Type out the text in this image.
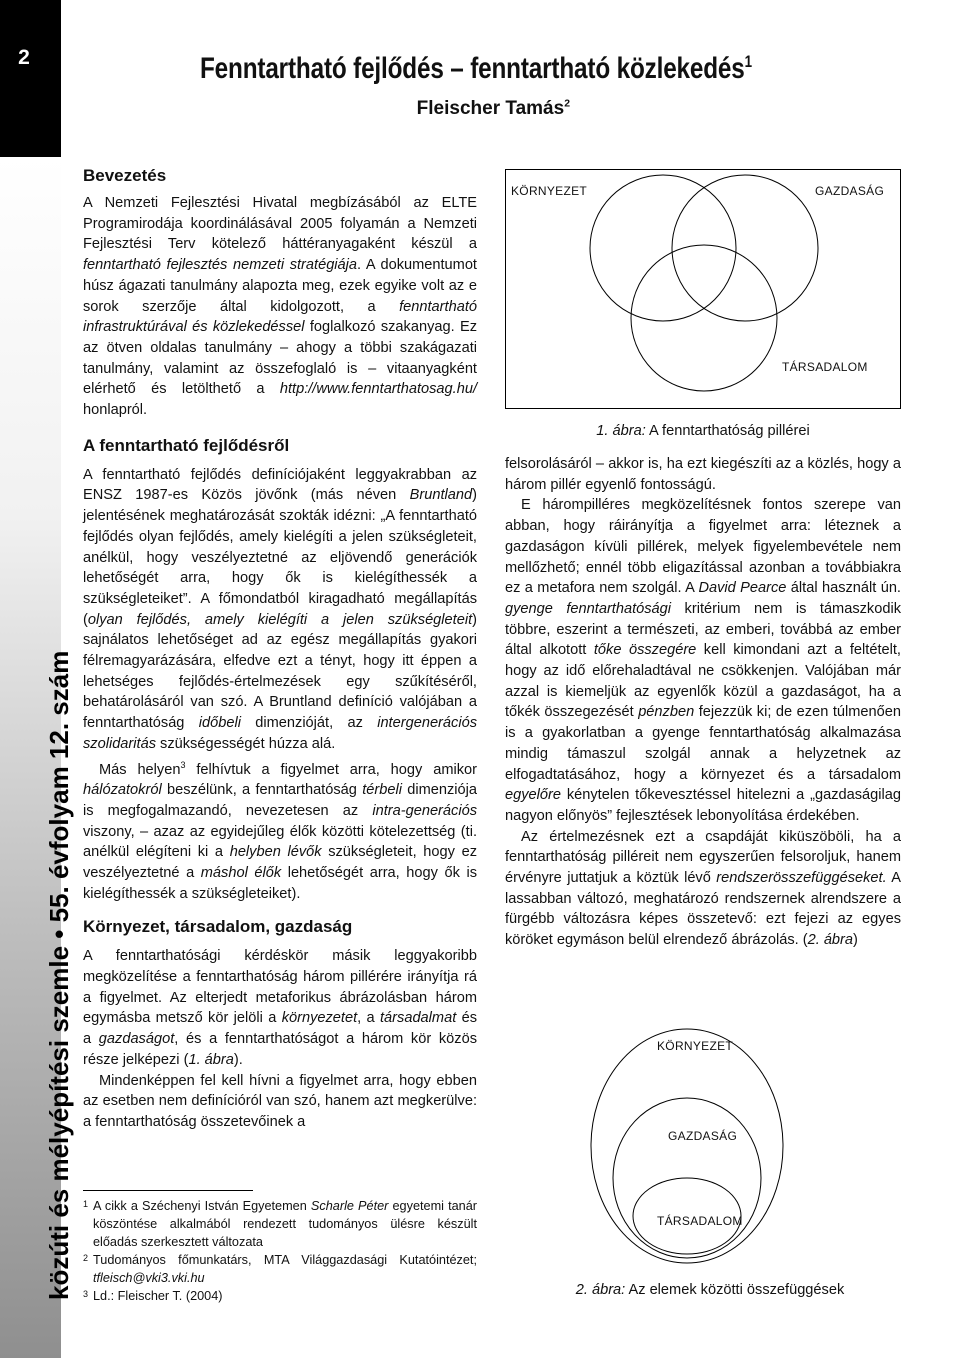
2
közúti és mélyépítési szemle • 55. évfolyam 12. szám
Fenntartható fejlődés – fenntartható közlekedés$^1$
Fleischer Tamás$^2$
Bevezetés

A Nemzeti Fejlesztési Hivatal megbízásából az ELTE Programirodája koordinálásával 2005 folyamán a Nemzeti Fejlesztési Terv kötelező háttéranyagaként készül a fenntartható fejlesztés nemzeti stratégiája. A dokumentumot húsz ágazati tanulmány alapozta meg, ezek egyike volt az e sorok szerzője által kidolgozott, a fenntartható infrastruktúrával és közlekedéssel foglalkozó szakanyag. Ez az ötven oldalas tanulmány – ahogy a többi szakágazati tanulmány, valamint az összefoglaló is – vitaanyagként elérhető és letölthető a http://www.fenntarthatosag.hu/ honlapról.

A fenntartható fejlődésről

A fenntartható fejlődés definíciójaként leggyakrabban az ENSZ 1987-es Közös jövőnk (más néven Bruntland) jelentésének meghatározását szokták idézni: „A fenntartható fejlődés olyan fejlődés, amely kielégíti a jelen szükségleteit, anélkül, hogy veszélyeztetné az eljövendő generációk lehetőségét arra, hogy ők is kielégíthessék a szükségleteiket”. A főmondatból kiragadható megállapítás (olyan fejlődés, amely kielégíti a jelen szükségleteit) sajnálatos lehetőséget ad az egész megállapítás gyakori félremagyarázására, elfedve ezt a tényt, hogy itt éppen a lehetséges fejlődés-értelmezések egy szűkítéséről, behatárolásáról van szó. A Bruntland definíció valójában a fenntarthatóság időbeli dimenzióját, az intergenerációs szolidaritás szükségességét húzza alá.

Más helyen$^3$ felhívtuk a figyelmet arra, hogy amikor hálózatokról beszélünk, a fenntarthatóság térbeli dimenziója is megfogalmazandó, nevezetesen az intra-generációs viszony, – azaz az egyidejűleg élők közötti kötelezettség (ti. anélkül elégíteni ki a helyben lévők szükségleteit, hogy ez veszélyeztetné a máshol élők lehetőségét arra, hogy ők is kielégíthessék a szükségleteiket).

Környezet, társadalom, gazdaság

A fenntarthatósági kérdéskör másik leggyakoribb megközelítése a fenntarthatóság három pillérére irányítja rá a figyelmet. Az elterjedt metaforikus ábrázolásban három egymásba metsző kör jelöli a környezetet, a társadalmat és a gazdaságot, és a fenntarthatóságot a három kör közös része jelképezi (1. ábra).

Mindenképpen fel kell hívni a figyelmet arra, hogy ebben az esetben nem definícióról van szó, hanem azt megkerülve: a fenntarthatóság összetevőinek a

1 A cikk a Széchenyi István Egyetemen Scharle Péter egyetemi tanár köszöntése alkalmából rendezett tudományos ülésre készült előadás szerkesztett változata
2 Tudományos főmunkatárs, MTA Világgazdasági Kutatóintézet; tfleisch@vki3.vki.hu
3 Ld.: Fleischer T. (2004)
KÖRNYEZET	GAZDASÁG
TÁRSADALOM
1. ábra: A fenntarthatóság pillérei

felsorolásáról – akkor is, ha ezt kiegészíti az a közlés, hogy a három pillér egyenlő fontosságú.

E hárompilléres megközelítésnek fontos szerepe van abban, hogy ráirányítja a figyelmet arra: léteznek a gazdaságon kívüli pillérek, melyek figyelembevétele nem mellőzhető; ennél több eligazítással azonban a továbbiakra ez a metafora nem szolgál. A David Pearce által használt ún. gyenge fenntarthatósági kritérium nem is támaszkodik többre, eszerint a természeti, az emberi, továbbá az ember által alkotott tőke összegére kell kimondani azt a feltételt, hogy az idő előrehaladtával ne csökkenjen. Valójában már azzal is kiemeljük az egyenlők közül a gazdaságot, ha a tőkék összegezését pénzben fejezzük ki; de ezen túlmenően is a gyakorlatban a gyenge fenntarthatóság alkalmazása mindig támaszul szolgál annak a helyzetnek az elfogadtatásához, hogy a környezet és a társadalom egyelőre kénytelen tőkevesztéssel hitelezni a „gazdaságilag nagyon előnyös” fejlesztések lebonyolítása érdekében.

Az értelmezésnek ezt a csapdáját kiküszöböli, ha a fenntarthatóság pilléreit nem egyszerűen felsoroljuk, hanem érvényre juttatjuk a köztük lévő rendszerösszefüggéseket. A lassabban változó, meghatározó rendszernek alrendszere a fürgébb változásra képes összetevő: ezt fejezi az egyes köröket egymáson belül elrendező ábrázolás. (2. ábra)

KÖRNYEZET
GAZDASÁG
TÁRSADALOM
2. ábra: Az elemek közötti összefüggések
